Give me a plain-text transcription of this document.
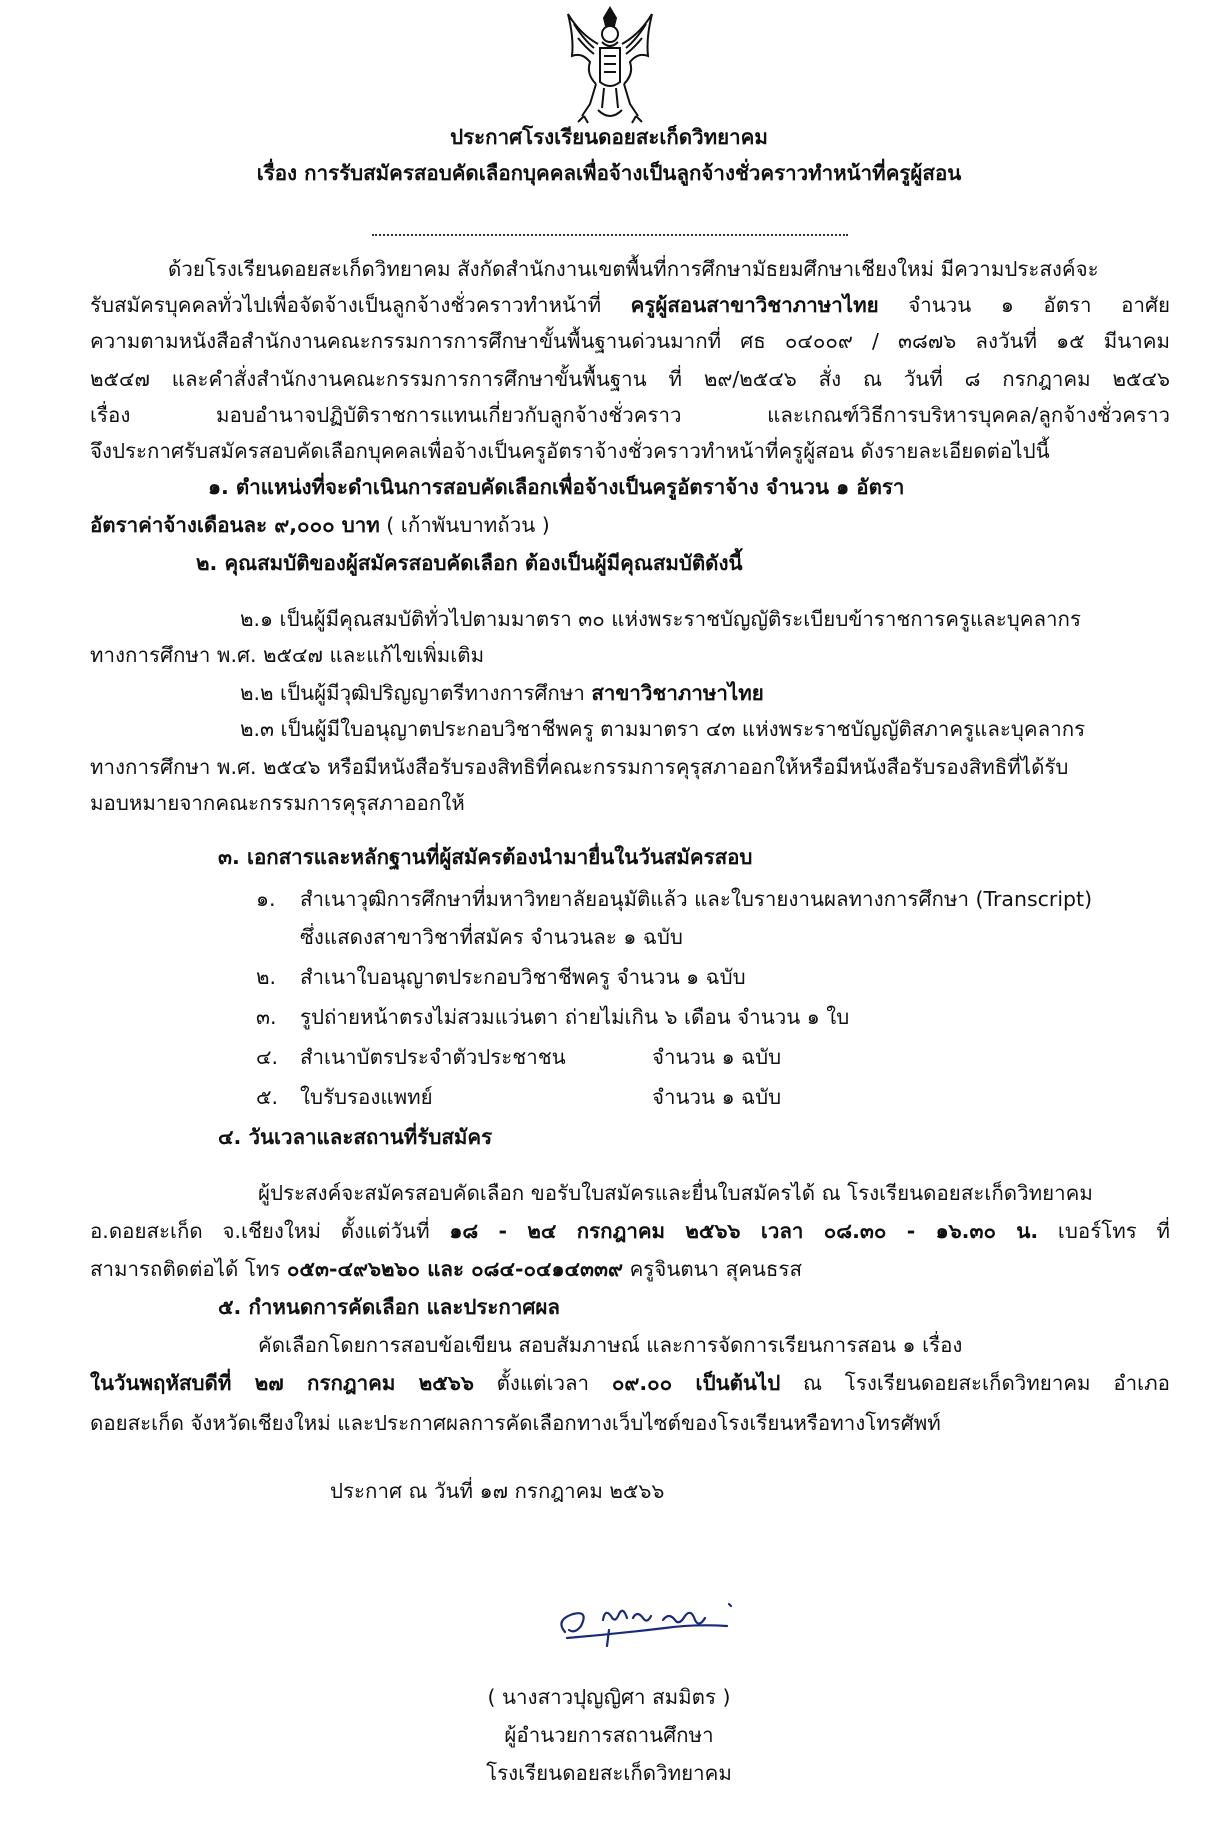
ประกาศโรงเรียนดอยสะเก็ดวิทยาคม
เรื่อง การรับสมัครสอบคัดเลือกบุคคลเพื่อจ้างเป็นลูกจ้างชั่วคราวทำหน้าที่ครูผู้สอน
ด้วยโรงเรียนดอยสะเก็ดวิทยาคม สังกัดสำนักงานเขตพื้นที่การศึกษามัธยมศึกษาเชียงใหม่ มีความประสงค์จะ
รับสมัครบุคคลทั่วไปเพื่อจัดจ้างเป็นลูกจ้างชั่วคราวทำหน้าที่ ครูผู้สอนสาขาวิชาภาษาไทย จำนวน ๑ อัตรา อาศัย
ความตามหนังสือสำนักงานคณะกรรมการการศึกษาขั้นพื้นฐานด่วนมากที่ ศธ ๐๔๐๐๙ / ๓๘๗๖ ลงวันที่ ๑๕ มีนาคม
๒๕๔๗ และคำสั่งสำนักงานคณะกรรมการการศึกษาขั้นพื้นฐาน ที่ ๒๙/๒๕๔๖ สั่ง ณ วันที่ ๘ กรกฎาคม ๒๕๔๖
เรื่อง มอบอำนาจปฏิบัติราชการแทนเกี่ยวกับลูกจ้างชั่วคราว และเกณฑ์วิธีการบริหารบุคคล/ลูกจ้างชั่วคราว
จึงประกาศรับสมัครสอบคัดเลือกบุคคลเพื่อจ้างเป็นครูอัตราจ้างชั่วคราวทำหน้าที่ครูผู้สอน ดังรายละเอียดต่อไปนี้
๑. ตำแหน่งที่จะดำเนินการสอบคัดเลือกเพื่อจ้างเป็นครูอัตราจ้าง จำนวน ๑ อัตรา
อัตราค่าจ้างเดือนละ ๙,๐๐๐ บาท ( เก้าพันบาทถ้วน )
๒. คุณสมบัติของผู้สมัครสอบคัดเลือก ต้องเป็นผู้มีคุณสมบัติดังนี้
๒.๑ เป็นผู้มีคุณสมบัติทั่วไปตามมาตรา ๓๐ แห่งพระราชบัญญัติระเบียบข้าราชการครูและบุคลากร
ทางการศึกษา พ.ศ. ๒๕๔๗ และแก้ไขเพิ่มเติม
๒.๒ เป็นผู้มีวุฒิปริญญาตรีทางการศึกษา สาขาวิชาภาษาไทย
๒.๓ เป็นผู้มีใบอนุญาตประกอบวิชาชีพครู ตามมาตรา ๔๓ แห่งพระราชบัญญัติสภาครูและบุคลากร
ทางการศึกษา พ.ศ. ๒๕๔๖ หรือมีหนังสือรับรองสิทธิที่คณะกรรมการคุรุสภาออกให้หรือมีหนังสือรับรองสิทธิที่ได้รับ
มอบหมายจากคณะกรรมการคุรุสภาออกให้
๓. เอกสารและหลักฐานที่ผู้สมัครต้องนำมายื่นในวันสมัครสอบ
๑.	สำเนาวุฒิการศึกษาที่มหาวิทยาลัยอนุมัติแล้ว และใบรายงานผลทางการศึกษา (Transcript)
ซึ่งแสดงสาขาวิชาที่สมัคร จำนวนละ ๑ ฉบับ
๒.	สำเนาใบอนุญาตประกอบวิชาชีพครู จำนวน ๑ ฉบับ
๓.	รูปถ่ายหน้าตรงไม่สวมแว่นตา ถ่ายไม่เกิน ๖ เดือน จำนวน ๑ ใบ
๔.	สำเนาบัตรประจำตัวประชาชน	จำนวน ๑ ฉบับ
๕.	ใบรับรองแพทย์	จำนวน ๑ ฉบับ
๔. วันเวลาและสถานที่รับสมัคร
ผู้ประสงค์จะสมัครสอบคัดเลือก ขอรับใบสมัครและยื่นใบสมัครได้ ณ โรงเรียนดอยสะเก็ดวิทยาคม
อ.ดอยสะเก็ด จ.เชียงใหม่ ตั้งแต่วันที่ ๑๘ - ๒๔ กรกฎาคม ๒๕๖๖ เวลา ๐๘.๓๐ - ๑๖.๓๐ น. เบอร์โทร ที่
สามารถติดต่อได้ โทร ๐๕๓-๔๙๖๒๖๐ และ ๐๘๔-๐๔๑๔๓๓๙ ครูจินตนา สุคนธรส
๕. กำหนดการคัดเลือก และประกาศผล
คัดเลือกโดยการสอบข้อเขียน สอบสัมภาษณ์ และการจัดการเรียนการสอน ๑ เรื่อง
ในวันพฤหัสบดีที่ ๒๗ กรกฎาคม ๒๕๖๖ ตั้งแต่เวลา ๐๙.๐๐ เป็นต้นไป ณ โรงเรียนดอยสะเก็ดวิทยาคม อำเภอ
ดอยสะเก็ด จังหวัดเชียงใหม่ และประกาศผลการคัดเลือกทางเว็บไซต์ของโรงเรียนหรือทางโทรศัพท์
ประกาศ ณ วันที่ ๑๗ กรกฎาคม ๒๕๖๖
( นางสาวปุญญิศา สมมิตร )
ผู้อำนวยการสถานศึกษา
โรงเรียนดอยสะเก็ดวิทยาคม
